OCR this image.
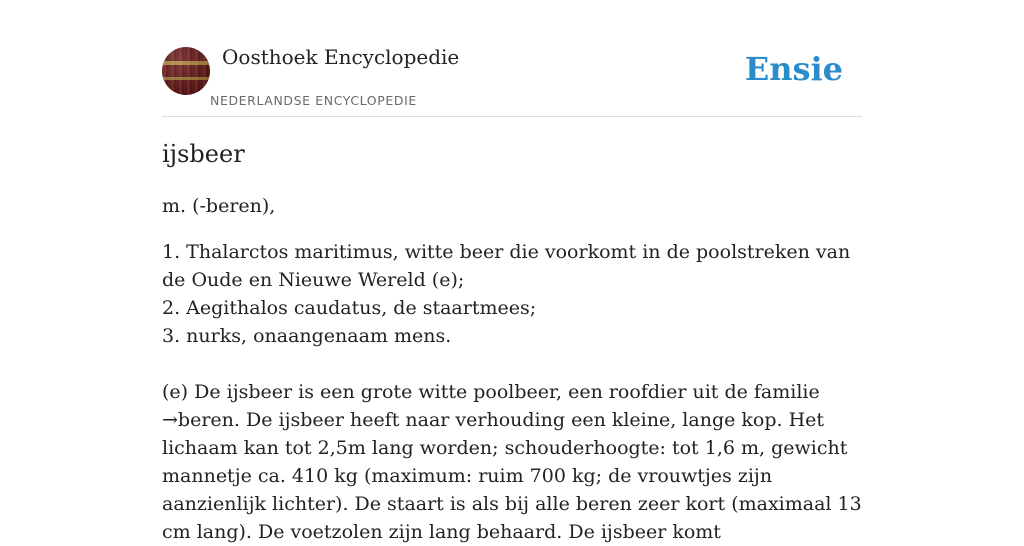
Oosthoek Encyclopedie
NEDERLANDSE ENCYCLOPEDIE
Ensie
ijsbeer

m. (-beren),

1. Thalarctos maritimus, witte beer die voorkomt in de poolstreken van de Oude en Nieuwe Wereld (e);

2. Aegithalos caudatus, de staartmees;

3. nurks, onaangenaam mens.

(e) De ijsbeer is een grote witte poolbeer, een roofdier uit de familie →beren. De ijsbeer heeft naar verhouding een kleine, lange kop. Het lichaam kan tot 2,5m lang worden; schouderhoogte: tot 1,6 m, gewicht mannetje ca. 410 kg (maximum: ruim 700 kg; de vrouwtjes zijn aanzienlijk lichter). De staart is als bij alle beren zeer kort (maximaal 13 cm lang). De voetzolen zijn lang behaard. De ijsbeer komt
